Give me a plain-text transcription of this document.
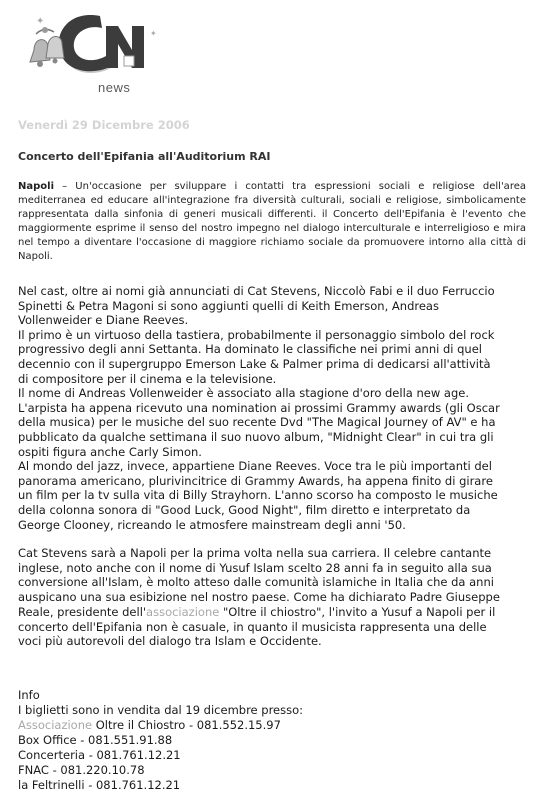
✦
✦
news
Venerdì 29 Dicembre 2006
Concerto dell'Epifania all'Auditorium RAI

Napoli – Un'occasione per sviluppare i contatti tra espressioni sociali e religiose dell'area mediterranea ed educare all'integrazione fra diversità culturali, sociali e religiose, simbolicamente rappresentata dalla sinfonia di generi musicali differenti. il Concerto dell'Epifania è l'evento che maggiormente esprime il senso del nostro impegno nel dialogo interculturale e interreligioso e mira nel tempo a diventare l'occasione di maggiore richiamo sociale da promuovere intorno alla città di Napoli.

Nel cast, oltre ai nomi già annunciati di Cat Stevens, Niccolò Fabi e il duo Ferruccio
Spinetti & Petra Magoni si sono aggiunti quelli di Keith Emerson, Andreas
Vollenweider e Diane Reeves.
Il primo è un virtuoso della tastiera, probabilmente il personaggio simbolo del rock
progressivo degli anni Settanta. Ha dominato le classifiche nei primi anni di quel
decennio con il supergruppo Emerson Lake & Palmer prima di dedicarsi all'attività
di compositore per il cinema e la televisione.
Il nome di Andreas Vollenweider è associato alla stagione d'oro della new age.
L'arpista ha appena ricevuto una nomination ai prossimi Grammy awards (gli Oscar
della musica) per le musiche del suo recente Dvd "The Magical Journey of AV" e ha
pubblicato da qualche settimana il suo nuovo album, "Midnight Clear" in cui tra gli
ospiti figura anche Carly Simon.
Al mondo del jazz, invece, appartiene Diane Reeves. Voce tra le più importanti del
panorama americano, plurivincitrice di Grammy Awards, ha appena finito di girare
un film per la tv sulla vita di Billy Strayhorn. L'anno scorso ha composto le musiche
della colonna sonora di "Good Luck, Good Night", film diretto e interpretato da
George Clooney, ricreando le atmosfere mainstream degli anni '50.
Cat Stevens sarà a Napoli per la prima volta nella sua carriera. Il celebre cantante
inglese, noto anche con il nome di Yusuf Islam scelto 28 anni fa in seguito alla sua
conversione all'Islam, è molto atteso dalle comunità islamiche in Italia che da anni
auspicano una sua esibizione nel nostro paese. Come ha dichiarato Padre Giuseppe
Reale, presidente dell'associazione "Oltre il chiostro", l'invito a Yusuf a Napoli per il
concerto dell'Epifania non è casuale, in quanto il musicista rappresenta una delle
voci più autorevoli del dialogo tra Islam e Occidente.
Info
I biglietti sono in vendita dal 19 dicembre presso:
Associazione Oltre il Chiostro - 081.552.15.97
Box Office - 081.551.91.88
Concerteria - 081.761.12.21
FNAC - 081.220.10.78
la Feltrinelli - 081.761.12.21
